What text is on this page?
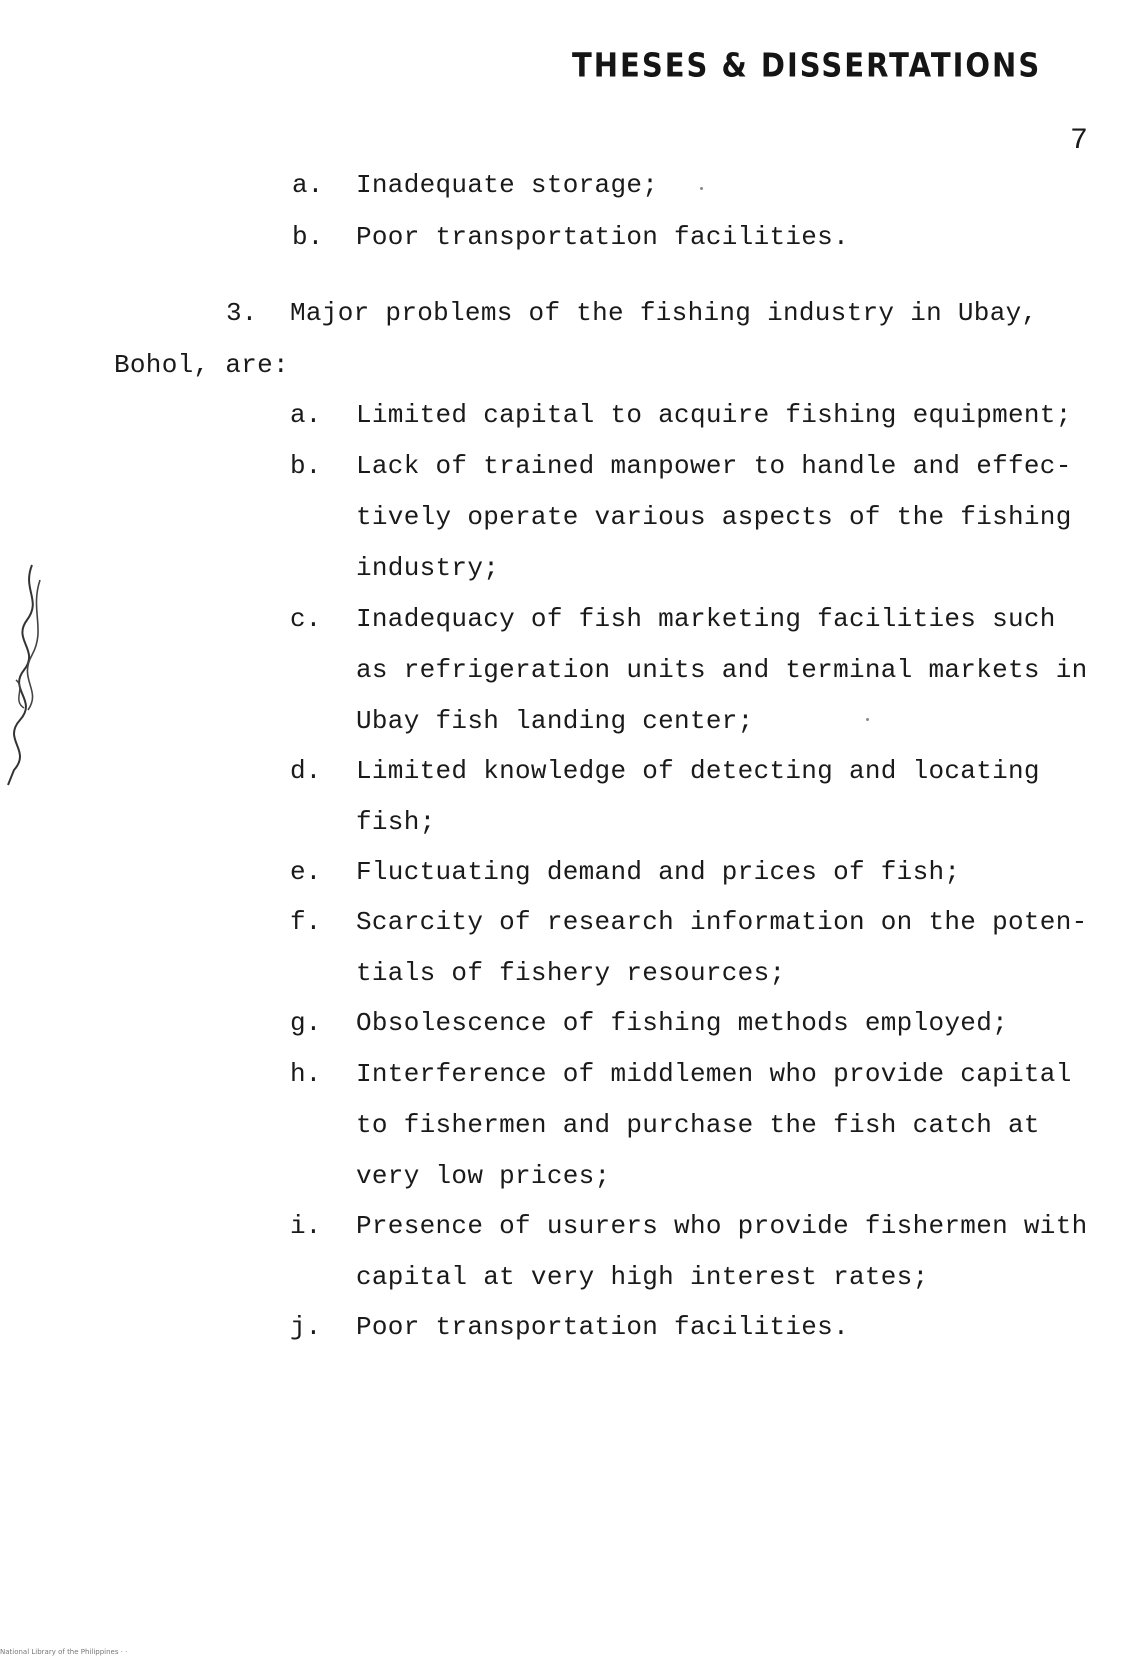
THESES & DISSERTATIONS
7
a. Inadequate storage;
b. Poor transportation facilities.
3. Major problems of the fishing industry in Ubay,
Bohol, are:
a. Limited capital to acquire fishing equipment;
b. Lack of trained manpower to handle and effec-
tively operate various aspects of the fishing
industry;
c. Inadequacy of fish marketing facilities such
as refrigeration units and terminal markets in
Ubay fish landing center;
d. Limited knowledge of detecting and locating
fish;
e. Fluctuating demand and prices of fish;
f. Scarcity of research information on the poten-
tials of fishery resources;
g. Obsolescence of fishing methods employed;
h. Interference of middlemen who provide capital
to fishermen and purchase the fish catch at
very low prices;
i. Presence of usurers who provide fishermen with
capital at very high interest rates;
j. Poor transportation facilities.
National Library of the Philippines · ·
